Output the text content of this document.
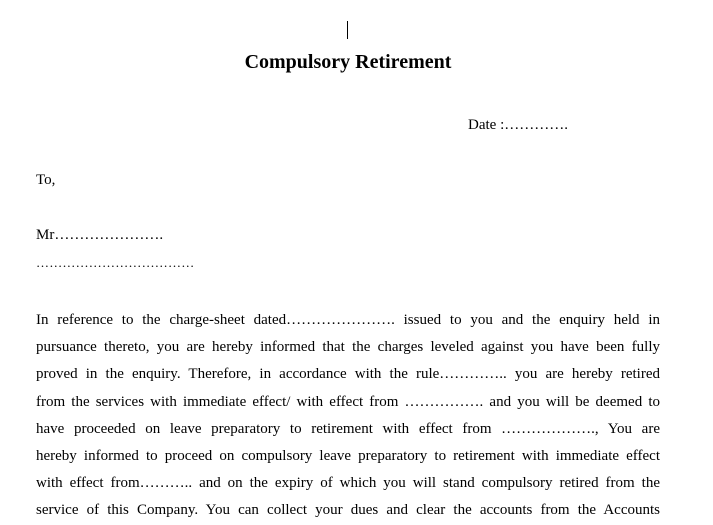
Compulsory Retirement
Date :………….
To,
Mr………………….
………………………………
In reference to the charge-sheet dated…………………. issued to you and the enquiry held in
pursuance thereto, you are hereby informed that the charges leveled against you have been fully
proved in the enquiry. Therefore, in accordance with the rule………….. you are hereby retired
from the services with immediate effect/ with effect from ……………. and you will be deemed to
have proceeded on leave preparatory to retirement with effect from ………………., You are
hereby informed to proceed on compulsory leave preparatory to retirement with immediate effect
with effect from……….. and on the expiry of which you will stand compulsory retired from the
service of this Company. You can collect your dues and clear the accounts from the Accounts
